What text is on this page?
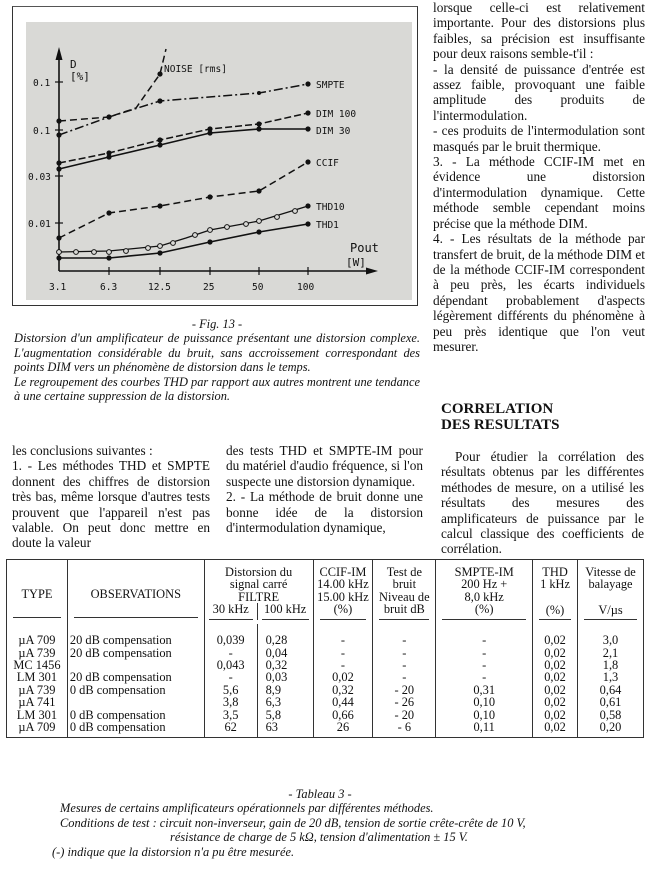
0.1
0.1
0.03
0.01
3.1	6.3	12.5	25	50	100
D
[%]
Pout
[W]
NOISE [rms]
SMPTE
DIM 100
DIM 30
CCIF
THD10
THD1
- Fig. 13 -

Distorsion d'un amplificateur de puissance présentant une distorsion complexe. L'augmentation considérable du bruit, sans accroissement correspondant des points DIM vers un phénomène de distorsion dans le temps.

Le regroupement des courbes THD par rapport aux autres montrent une tendance à une certaine suppression de la distorsion.

lorsque celle-ci est relativement importante. Pour des distorsions plus faibles, sa précision est insuffisante pour deux raisons semble-t'il :

- la densité de puissance d'entrée est assez faible, provoquant une faible amplitude des produits de l'intermodulation.

- ces produits de l'intermodulation sont masqués par le bruit thermique.

3. - La méthode CCIF-IM met en évidence une distorsion d'intermodulation dynamique. Cette méthode semble cependant moins précise que la méthode DIM.

4. - Les résultats de la méthode par transfert de bruit, de la méthode DIM et de la méthode CCIF-IM correspondent à peu près, les écarts individuels dépendant probablement d'aspects légèrement différents du phénomène à peu près identique que l'on veut mesurer.

CORRELATION
DES RESULTATS

Pour étudier la corrélation des résultats obtenus par les différentes méthodes de mesure, on a utilisé les résultats des mesures des amplificateurs de puissance par le calcul classique des coefficients de corrélation.

les conclusions suivantes :

1. - Les méthodes THD et SMPTE donnent des chiffres de distorsion très bas, même lorsque d'autres tests prouvent que l'appareil n'est pas valable. On peut donc mettre en doute la valeur

des tests THD et SMPTE-IM pour du matériel d'audio fréquence, si l'on suspecte une distorsion dynamique.

2. - La méthode de bruit donne une bonne idée de la distorsion d'intermodulation dynamique,

TYPE	OBSERVATIONS

Distorsion du
signal carré
FILTRE
30 kHz	100 kHz

CCIF-IM
14.00 kHz
15.00 kHz
(%)

Test de
bruit
Niveau de
bruit dB

SMPTE-IM
200 Hz +
8,0 kHz
(%)

THD
1 kHz
(%)

Vitesse de
balayage
V/µs

µA 709	20 dB compensation	0,039	0,28	-	-	-	0,02	3,0
µA 739	20 dB compensation	-	0,04	-	-	-	0,02	2,1
MC 1456		0,043	0,32	-	-	-	0,02	1,8
LM 301	20 dB compensation	-	0,03	0,02	-	-	0,02	1,3
µA 739	0 dB compensation	5,6	8,9	0,32	- 20	0,31	0,02	0,64
µA 741		3,8	6,3	0,44	- 26	0,10	0,02	0,61
LM 301	0 dB compensation	3,5	5,8	0,66	- 20	0,10	0,02	0,58
µA 709	0 dB compensation	62	63	26	- 6	0,11	0,02	0,20

- Tableau 3 -

Mesures de certains amplificateurs opérationnels par différentes méthodes.

Conditions de test : circuit non-inverseur, gain de 20 dB, tension de sortie crête-crête de 10 V,

résistance de charge de 5 kΩ, tension d'alimentation ± 15 V.

(-) indique que la distorsion n'a pu être mesurée.
